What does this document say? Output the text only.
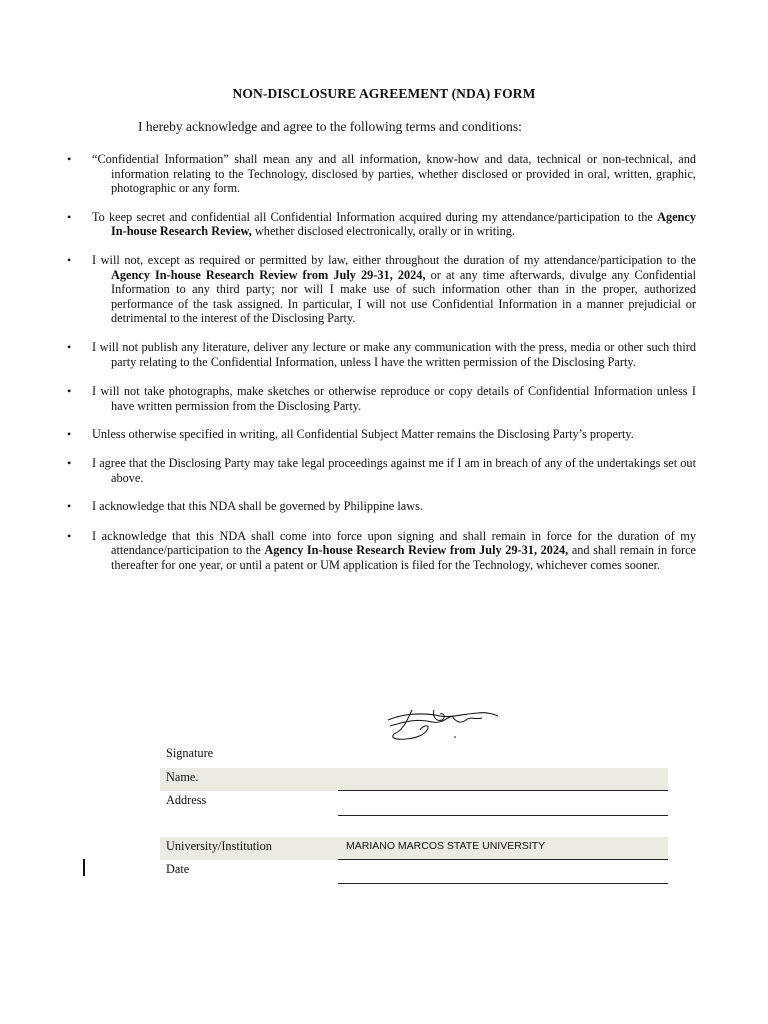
NON-DISCLOSURE AGREEMENT (NDA) FORM
I hereby acknowledge and agree to the following terms and conditions:
• “Confidential Information” shall mean any and all information, know-how and data, technical or non-technical, and information relating to the Technology, disclosed by parties, whether disclosed or provided in oral, written, graphic, photographic or any form.
• To keep secret and confidential all Confidential Information acquired during my attendance/participation to the Agency In-house Research Review, whether disclosed electronically, orally or in writing.
• I will not, except as required or permitted by law, either throughout the duration of my attendance/participation to the Agency In-house Research Review from July 29-31, 2024, or at any time afterwards, divulge any Confidential Information to any third party; nor will I make use of such information other than in the proper, authorized performance of the task assigned. In particular, I will not use Confidential Information in a manner prejudicial or detrimental to the interest of the Disclosing Party.
• I will not publish any literature, deliver any lecture or make any communication with the press, media or other such third party relating to the Confidential Information, unless I have the written permission of the Disclosing Party.
• I will not take photographs, make sketches or otherwise reproduce or copy details of Confidential Information unless I have written permission from the Disclosing Party.
• Unless otherwise specified in writing, all Confidential Subject Matter remains the Disclosing Party’s property.
• I agree that the Disclosing Party may take legal proceedings against me if I am in breach of any of the undertakings set out above.
• I acknowledge that this NDA shall be governed by Philippine laws.
• I acknowledge that this NDA shall come into force upon signing and shall remain in force for the duration of my attendance/participation to the Agency In-house Research Review from July 29-31, 2024, and shall remain in force thereafter for one year, or until a patent or UM application is filed for the Technology, whichever comes sooner.
Signature
Name.
Address
University/Institution	MARIANO MARCOS STATE UNIVERSITY
Date
